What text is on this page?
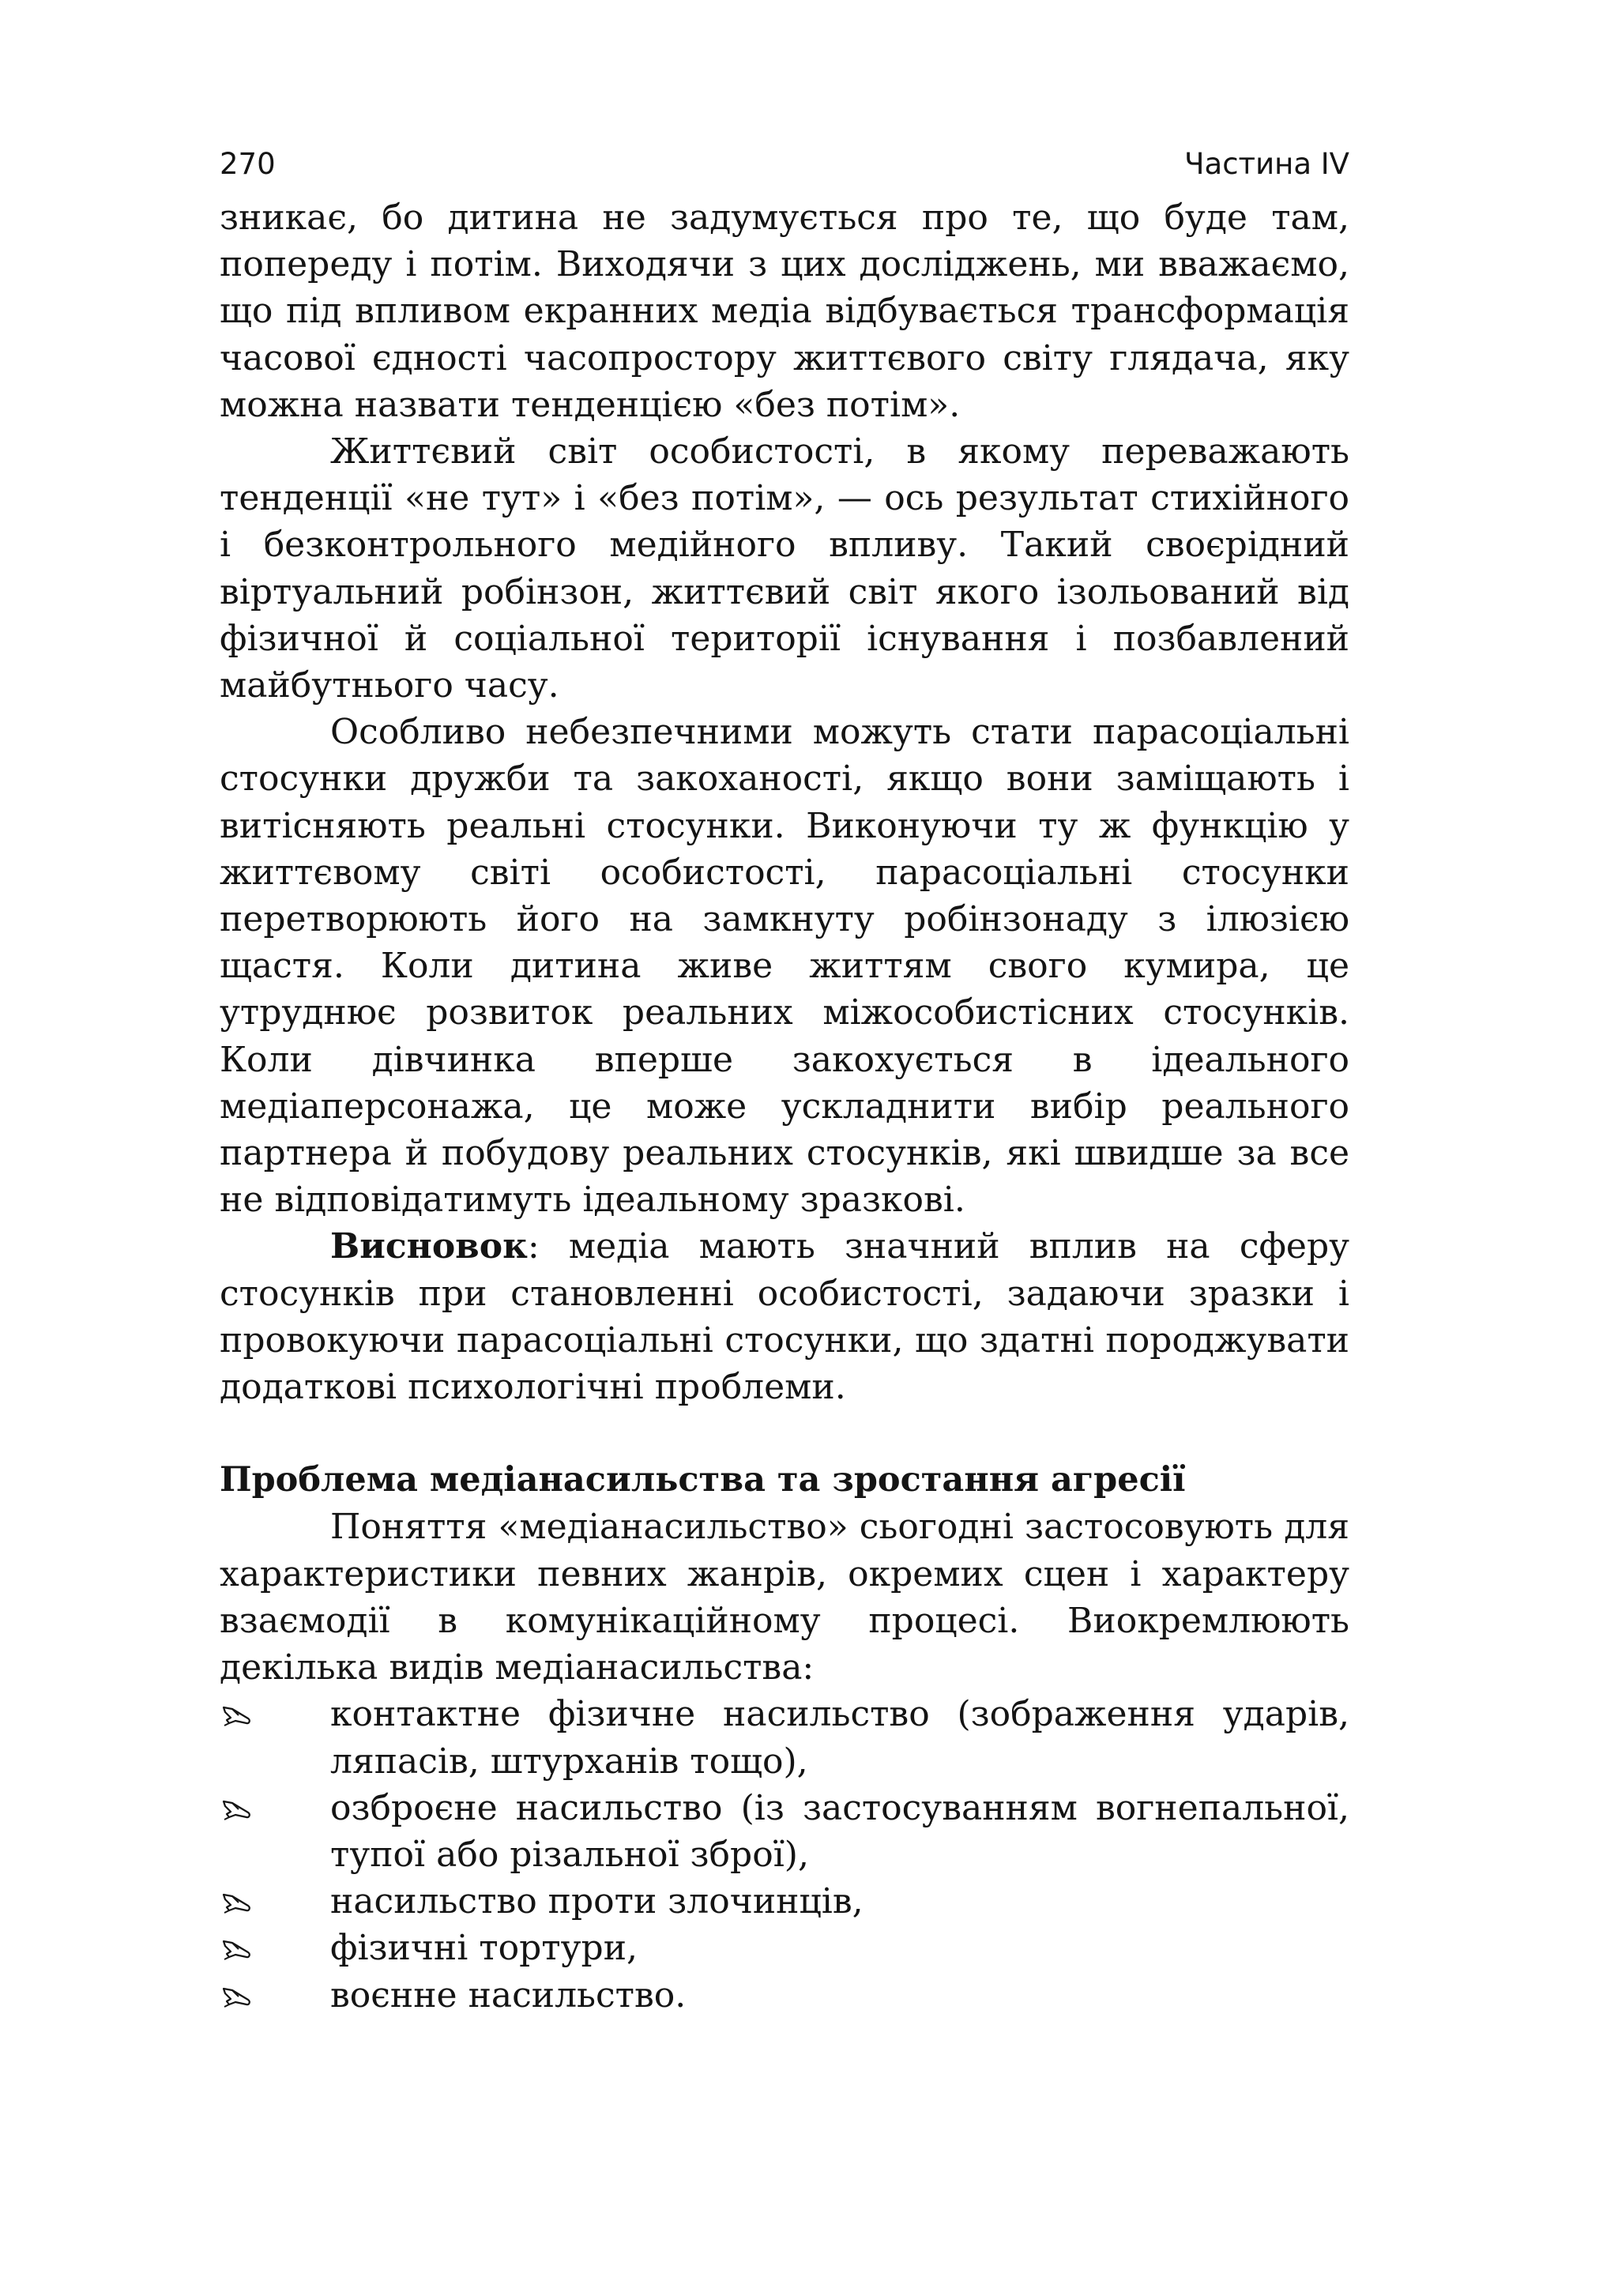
270	Частина IV

зникає, бо дитина не задумується про те, що буде там, попереду і потім. Виходячи з цих досліджень, ми вважаємо, що під впливом екранних медіа відбувається трансформація часової єдності часопростору життєвого світу глядача, яку можна назвати тенденцією «без потім».

Життєвий світ особистості, в якому переважають тенденції «не тут» і «без потім», — ось результат стихійного і безконтрольного медійного впливу. Такий своєрідний віртуальний робінзон, життєвий світ якого ізольований від фізичної й соціальної території існування і позбавлений майбутнього часу.

Особливо небезпечними можуть стати парасоціальні стосунки дружби та закоханості, якщо вони заміщають і витісняють реальні стосунки. Виконуючи ту ж функцію у життєвому світі особистості, парасоціальні стосунки перетворюють його на замкнуту робінзонаду з ілюзією щастя. Коли дитина живе життям свого кумира, це утруднює розвиток реальних міжособистісних стосунків. Коли дівчинка вперше закохується в ідеального медіаперсонажа, це може ускладнити вибір реального партнера й побудову реальних стосунків, які швидше за все не відповідатимуть ідеальному зразкові.

Висновок: медіа мають значний вплив на сферу стосунків при становленні особистості, задаючи зразки і провокуючи парасоціальні стосунки, що здатні породжувати додаткові психологічні проблеми.

Проблема медіанасильства та зростання агресії

Поняття «медіанасильство» сьогодні застосовують для характеристики певних жанрів, окремих сцен і характеру взаємодії в комунікаційному процесі. Виокремлюють декілька видів медіанасильства:

контактне фізичне насильство (зображення ударів, ляпасів, штурханів тощо),
озброєне насильство (із застосуванням вогнепальної, тупої або різальної зброї),
насильство проти злочинців,
фізичні тортури,
воєнне насильство.
